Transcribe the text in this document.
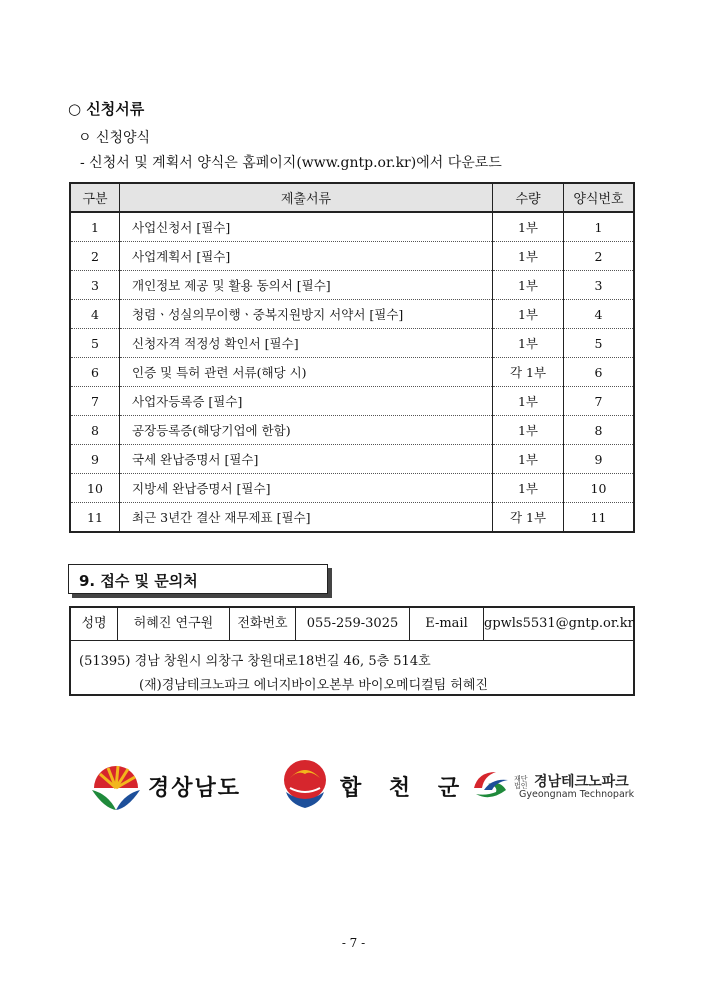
○ 신청서류
ㅇ 신청양식
- 신청서 및 계획서 양식은 홈페이지(www.gntp.or.kr)에서 다운로드
구분	제출서류	수량	양식번호
1	사업신청서 [필수]	1부	1
2	사업계획서 [필수]	1부	2
3	개인정보 제공 및 활용 동의서 [필수]	1부	3
4	청렴ㆍ성실의무이행ㆍ중복지원방지 서약서 [필수]	1부	4
5	신청자격 적정성 확인서 [필수]	1부	5
6	인증 및 특허 관련 서류(해당 시)	각 1부	6
7	사업자등록증 [필수]	1부	7
8	공장등록증(해당기업에 한함)	1부	8
9	국세 완납증명서 [필수]	1부	9
10	지방세 완납증명서 [필수]	1부	10
11	최근 3년간 결산 재무제표 [필수]	각 1부	11
9. 접수 및 문의처
성명	허혜진 연구원	전화번호	055-259-3025	E-mail	gpwls5531@gntp.or.kr
(51395) 경남 창원시 의창구 창원대로18번길 46, 5층 514호
(재)경남테크노파크 에너지바이오본부 바이오메디컬팀 허혜진
경상남도	합 천 군	재단법인 경남테크노파크
Gyeongnam Technopark
- 7 -
